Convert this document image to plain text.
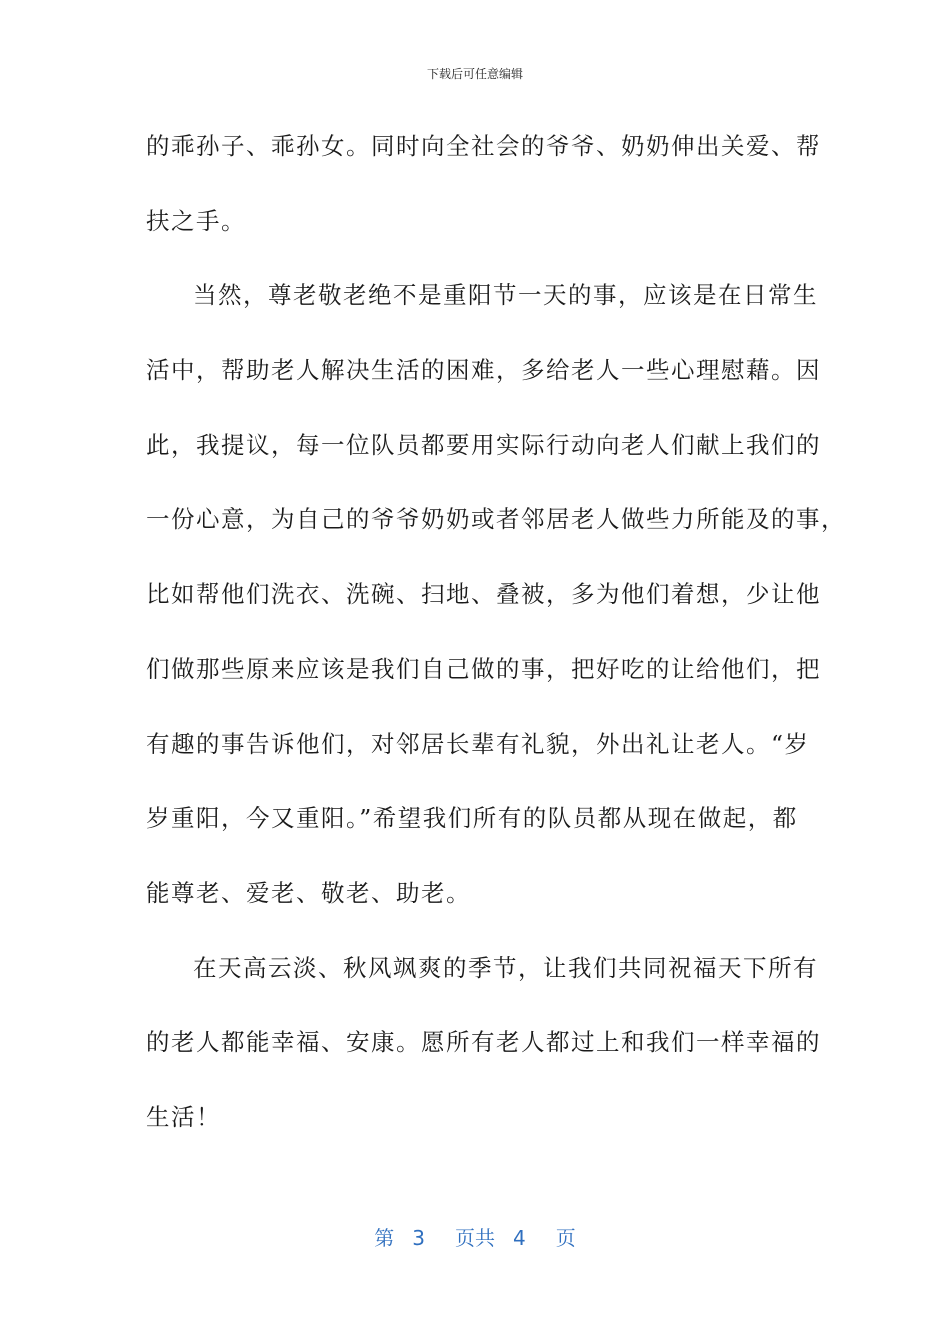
下载后可任意编辑
的乖孙子、乖孙女。同时向全社会的爷爷、奶奶伸出关爱、帮
扶之手。
当然，尊老敬老绝不是重阳节一天的事，应该是在日常生
活中，帮助老人解决生活的困难，多给老人一些心理慰藉。因
此，我提议，每一位队员都要用实际行动向老人们献上我们的
一份心意，为自己的爷爷奶奶或者邻居老人做些力所能及的事，
比如帮他们洗衣、洗碗、扫地、叠被，多为他们着想，少让他
们做那些原来应该是我们自己做的事，把好吃的让给他们，把
有趣的事告诉他们，对邻居长辈有礼貌，外出礼让老人。“岁
岁重阳，今又重阳。”希望我们所有的队员都从现在做起，都
能尊老、爱老、敬老、助老。
在天高云淡、秋风飒爽的季节，让我们共同祝福天下所有
的老人都能幸福、安康。愿所有老人都过上和我们一样幸福的
生活！
第 3 页共 4 页
